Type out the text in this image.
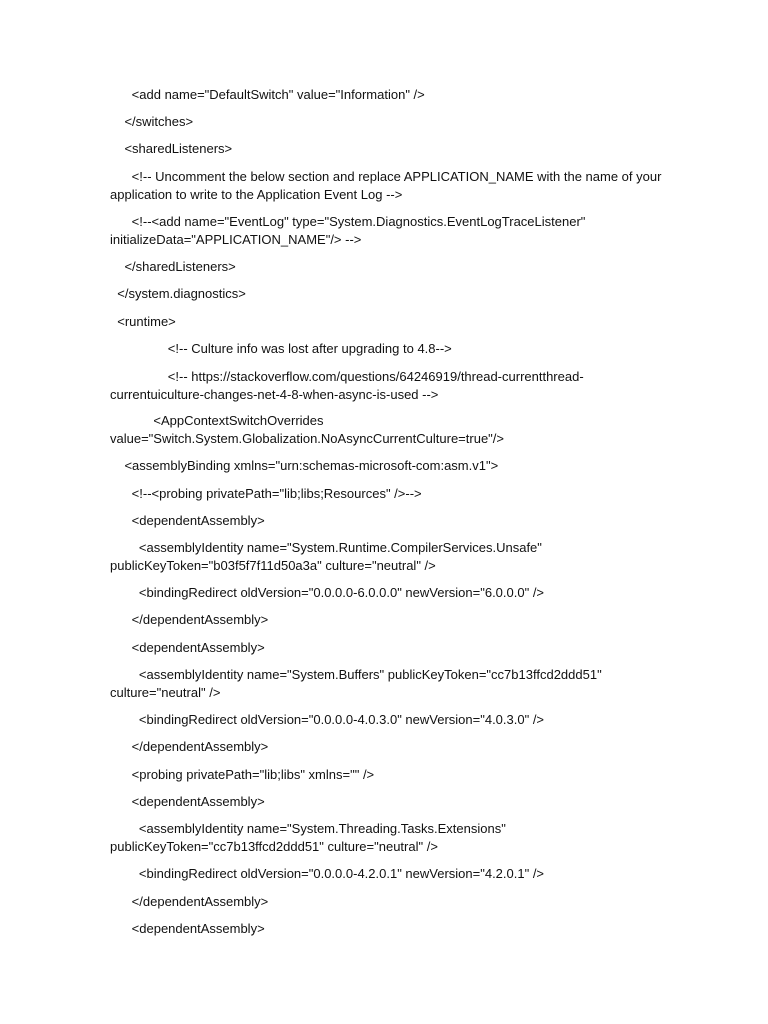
<add name="DefaultSwitch" value="Information" />

</switches>

<sharedListeners>

<!-- Uncomment the below section and replace APPLICATION_NAME with the name of your application to write to the Application Event Log -->

<!--<add name="EventLog" type="System.Diagnostics.EventLogTraceListener" initializeData="APPLICATION_NAME"/> -->

</sharedListeners>

</system.diagnostics>

<runtime>

		<!-- Culture info was lost after upgrading to 4.8-->

		<!-- https://stackoverflow.com/questions/64246919/thread-currentthread-currentuiculture-changes-net-4-8-when-async-is-used -->

	<AppContextSwitchOverrides value="Switch.System.Globalization.NoAsyncCurrentCulture=true"/>

<assemblyBinding xmlns="urn:schemas-microsoft-com:asm.v1">

<!--<probing privatePath="lib;libs;Resources" />-->

<dependentAssembly>

<assemblyIdentity name="System.Runtime.CompilerServices.Unsafe" publicKeyToken="b03f5f7f11d50a3a" culture="neutral" />

<bindingRedirect oldVersion="0.0.0.0-6.0.0.0" newVersion="6.0.0.0" />

</dependentAssembly>

<dependentAssembly>

<assemblyIdentity name="System.Buffers" publicKeyToken="cc7b13ffcd2ddd51" culture="neutral" />

<bindingRedirect oldVersion="0.0.0.0-4.0.3.0" newVersion="4.0.3.0" />

</dependentAssembly>

<probing privatePath="lib;libs" xmlns="" />

<dependentAssembly>

<assemblyIdentity name="System.Threading.Tasks.Extensions" publicKeyToken="cc7b13ffcd2ddd51" culture="neutral" />

<bindingRedirect oldVersion="0.0.0.0-4.2.0.1" newVersion="4.2.0.1" />

</dependentAssembly>

<dependentAssembly>
